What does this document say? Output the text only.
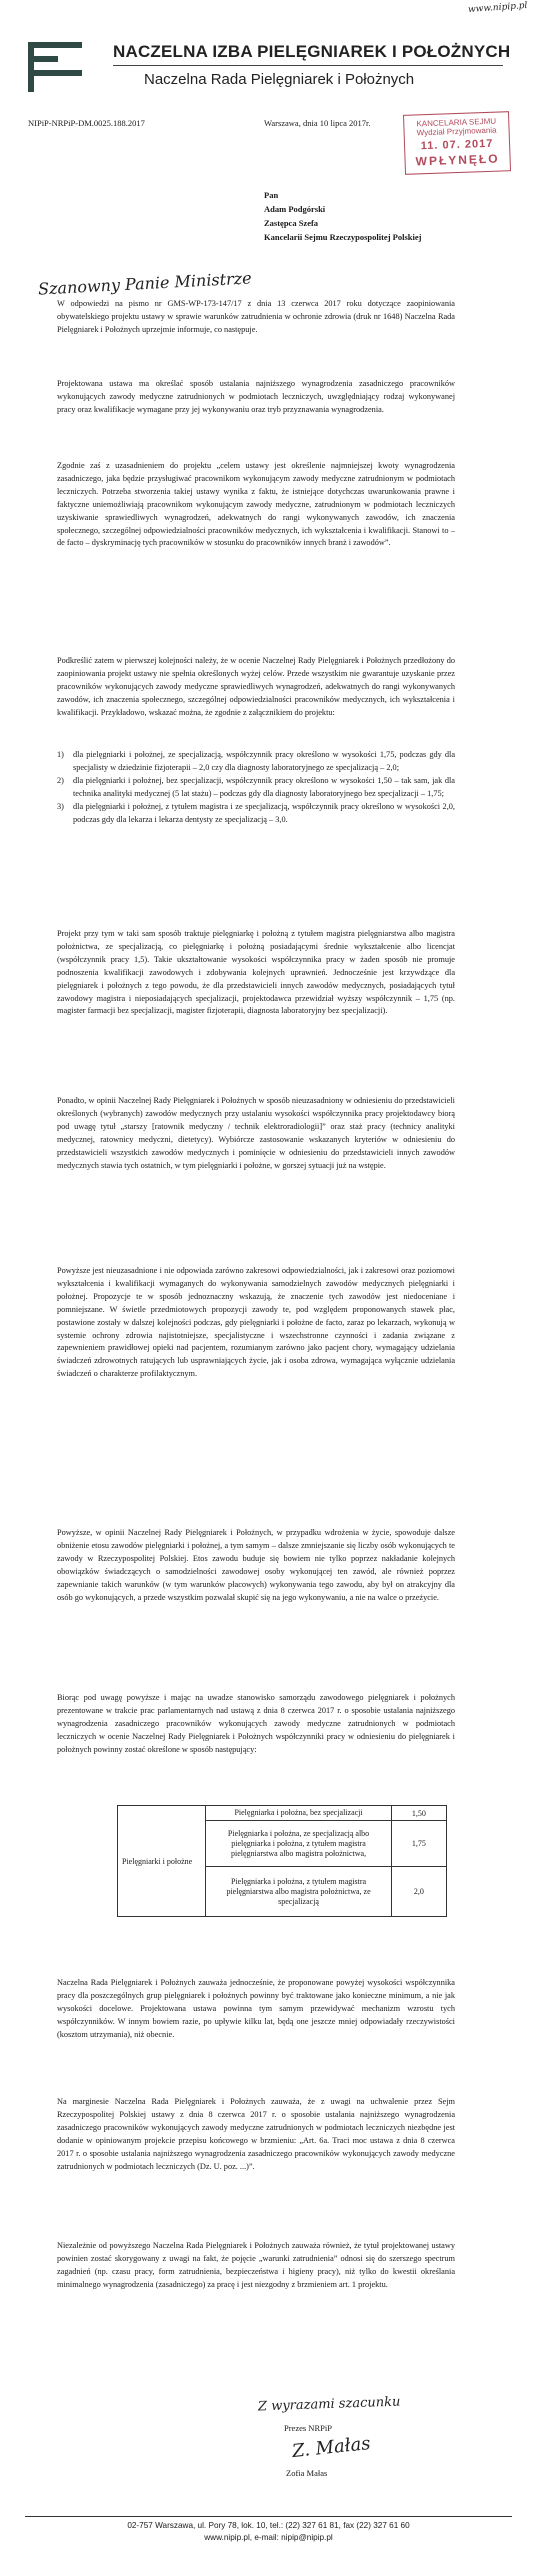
www.nipip.pl
NACZELNA IZBA PIELĘGNIAREK I POŁOŻNYCH
Naczelna Rada Pielęgniarek i Położnych
KANCELARIA SEJMU
Wydział Przyjmowania
11. 07. 2017
WPŁYNĘŁO
NIPiP-NRPiP-DM.0025.188.2017	Warszawa, dnia 10 lipca 2017r.
Pan
Adam Podgórski
Zastępca Szefa
Kancelarii Sejmu Rzeczypospolitej Polskiej
Szanowny Panie Ministrze
W odpowiedzi na pismo nr GMS-WP-173-147/17 z dnia 13 czerwca 2017 roku dotyczące zaopiniowania obywatelskiego projektu ustawy w sprawie warunków zatrudnienia w ochronie zdrowia (druk nr 1648) Naczelna Rada Pielęgniarek i Położnych uprzejmie informuje, co następuje.
Projektowana ustawa ma określać sposób ustalania najniższego wynagrodzenia zasadniczego pracowników wykonujących zawody medyczne zatrudnionych w podmiotach leczniczych, uwzględniający rodzaj wykonywanej pracy oraz kwalifikacje wymagane przy jej wykonywaniu oraz tryb przyznawania wynagrodzenia.
Zgodnie zaś z uzasadnieniem do projektu „celem ustawy jest określenie najmniejszej kwoty wynagrodzenia zasadniczego, jaka będzie przysługiwać pracownikom wykonującym zawody medyczne zatrudnionym w podmiotach leczniczych. Potrzeba stworzenia takiej ustawy wynika z faktu, że istniejące dotychczas uwarunkowania prawne i faktyczne uniemożliwiają pracownikom wykonującym zawody medyczne, zatrudnionym w podmiotach leczniczych uzyskiwanie sprawiedliwych wynagrodzeń, adekwatnych do rangi wykonywanych zawodów, ich znaczenia społecznego, szczególnej odpowiedzialności pracowników medycznych, ich wykształcenia i kwalifikacji. Stanowi to – de facto – dyskryminację tych pracowników w stosunku do pracowników innych branż i zawodów”.
Podkreślić zatem w pierwszej kolejności należy, że w ocenie Naczelnej Rady Pielęgniarek i Położnych przedłożony do zaopiniowania projekt ustawy nie spełnia określonych wyżej celów. Przede wszystkim nie gwarantuje uzyskanie przez pracowników wykonujących zawody medyczne sprawiedliwych wynagrodzeń, adekwatnych do rangi wykonywanych zawodów, ich znaczenia społecznego, szczególnej odpowiedzialności pracowników medycznych, ich wykształcenia i kwalifikacji. Przykładowo, wskazać można, że zgodnie z załącznikiem do projektu:
1)	dla pielęgniarki i położnej, ze specjalizacją, współczynnik pracy określono w wysokości 1,75, podczas gdy dla specjalisty w dziedzinie fizjoterapii – 2,0 czy dla diagnosty laboratoryjnego ze specjalizacją – 2,0;
2)	dla pielęgniarki i położnej, bez specjalizacji, współczynnik pracy określono w wysokości 1,50 – tak sam, jak dla technika analityki medycznej (5 lat stażu) – podczas gdy dla diagnosty laboratoryjnego bez specjalizacji – 1,75;
3)	dla pielęgniarki i położnej, z tytułem magistra i ze specjalizacją, współczynnik pracy określono w wysokości 2,0, podczas gdy dla lekarza i lekarza dentysty ze specjalizacją – 3,0.
Projekt przy tym w taki sam sposób traktuje pielęgniarkę i położną z tytułem magistra pielęgniarstwa albo magistra położnictwa, ze specjalizacją, co pielęgniarkę i położną posiadającymi średnie wykształcenie albo licencjat (współczynnik pracy 1,5). Takie ukształtowanie wysokości współczynnika pracy w żaden sposób nie promuje podnoszenia kwalifikacji zawodowych i zdobywania kolejnych uprawnień. Jednocześnie jest krzywdzące dla pielęgniarek i położnych z tego powodu, że dla przedstawicieli innych zawodów medycznych, posiadających tytuł zawodowy magistra i nieposiadających specjalizacji, projektodawca przewidział wyższy współczynnik – 1,75 (np. magister farmacji bez specjalizacji, magister fizjoterapii, diagnosta laboratoryjny bez specjalizacji).
Ponadto, w opinii Naczelnej Rady Pielęgniarek i Położnych w sposób nieuzasadniony w odniesieniu do przedstawicieli określonych (wybranych) zawodów medycznych przy ustalaniu wysokości współczynnika pracy projektodawcy biorą pod uwagę tytuł „starszy [ratownik medyczny / technik elektroradiologii]” oraz staż pracy (technicy analityki medycznej, ratownicy medyczni, dietetycy). Wybiórcze zastosowanie wskazanych kryteriów w odniesieniu do przedstawicieli wszystkich zawodów medycznych i pominięcie w odniesieniu do przedstawicieli innych zawodów medycznych stawia tych ostatnich, w tym pielęgniarki i położne, w gorszej sytuacji już na wstępie.
Powyższe jest nieuzasadnione i nie odpowiada zarówno zakresowi odpowiedzialności, jak i zakresowi oraz poziomowi wykształcenia i kwalifikacji wymaganych do wykonywania samodzielnych zawodów medycznych pielęgniarki i położnej. Propozycje te w sposób jednoznaczny wskazują, że znaczenie tych zawodów jest niedoceniane i pomniejszane. W świetle przedmiotowych propozycji zawody te, pod względem proponowanych stawek płac, postawione zostały w dalszej kolejności podczas, gdy pielęgniarki i położne de facto, zaraz po lekarzach, wykonują w systemie ochrony zdrowia najistotniejsze, specjalistyczne i wszechstronne czynności i zadania związane z zapewnieniem prawidłowej opieki nad pacjentem, rozumianym zarówno jako pacjent chory, wymagający udzielania świadczeń zdrowotnych ratujących lub usprawniających życie, jak i osoba zdrowa, wymagająca wyłącznie udzielania świadczeń o charakterze profilaktycznym.
Powyższe, w opinii Naczelnej Rady Pielęgniarek i Położnych, w przypadku wdrożenia w życie, spowoduje dalsze obniżenie etosu zawodów pielęgniarki i położnej, a tym samym – dalsze zmniejszanie się liczby osób wykonujących te zawody w Rzeczypospolitej Polskiej. Etos zawodu buduje się bowiem nie tylko poprzez nakładanie kolejnych obowiązków świadczących o samodzielności zawodowej osoby wykonującej ten zawód, ale również poprzez zapewnianie takich warunków (w tym warunków płacowych) wykonywania tego zawodu, aby był on atrakcyjny dla osób go wykonujących, a przede wszystkim pozwalał skupić się na jego wykonywaniu, a nie na walce o przeżycie.
Biorąc pod uwagę powyższe i mając na uwadze stanowisko samorządu zawodowego pielęgniarek i położnych prezentowane w trakcie prac parlamentarnych nad ustawą z dnia 8 czerwca 2017 r. o sposobie ustalania najniższego wynagrodzenia zasadniczego pracowników wykonujących zawody medyczne zatrudnionych w podmiotach leczniczych w ocenie Naczelnej Rady Pielęgniarek i Położnych współczynniki pracy w odniesieniu do pielęgniarek i położnych powinny zostać określone w sposób następujący:
Pielęgniarki i położne	Pielęgniarka i położna, bez specjalizacji	1,50
	Pielęgniarka i położna, ze specjalizacją albo pielęgniarka i położna, z tytułem magistra pielęgniarstwa albo magistra położnictwa,	1,75
	Pielęgniarka i położna, z tytułem magistra pielęgniarstwa albo magistra położnictwa, ze specjalizacją	2,0
Naczelna Rada Pielęgniarek i Położnych zauważa jednocześnie, że proponowane powyżej wysokości współczynnika pracy dla poszczególnych grup pielęgniarek i położnych powinny być traktowane jako konieczne minimum, a nie jak wysokości docelowe. Projektowana ustawa powinna tym samym przewidywać mechanizm wzrostu tych współczynników. W innym bowiem razie, po upływie kilku lat, będą one jeszcze mniej odpowiadały rzeczywistości (kosztom utrzymania), niż obecnie.
Na marginesie Naczelna Rada Pielęgniarek i Położnych zauważa, że z uwagi na uchwalenie przez Sejm Rzeczypospolitej Polskiej ustawy z dnia 8 czerwca 2017 r. o sposobie ustalania najniższego wynagrodzenia zasadniczego pracowników wykonujących zawody medyczne zatrudnionych w podmiotach leczniczych niezbędne jest dodanie w opiniowanym projekcie przepisu końcowego w brzmieniu: „Art. 6a. Traci moc ustawa z dnia 8 czerwca 2017 r. o sposobie ustalania najniższego wynagrodzenia zasadniczego pracowników wykonujących zawody medyczne zatrudnionych w podmiotach leczniczych (Dz. U. poz. ...)”.
Niezależnie od powyższego Naczelna Rada Pielęgniarek i Położnych zauważa również, że tytuł projektowanej ustawy powinien zostać skorygowany z uwagi na fakt, że pojęcie „warunki zatrudnienia” odnosi się do szerszego spectrum zagadnień (np. czasu pracy, form zatrudnienia, bezpieczeństwa i higieny pracy), niż tylko do kwestii określania minimalnego wynagrodzenia (zasadniczego) za pracę i jest niezgodny z brzmieniem art. 1 projektu.
Z wyrazami szacunku
Prezes NRPiP
Z. Małas
Zofia Małas
02-757 Warszawa, ul. Pory 78, lok. 10, tel.: (22) 327 61 81, fax (22) 327 61 60
www.nipip.pl, e-mail: nipip@nipip.pl
